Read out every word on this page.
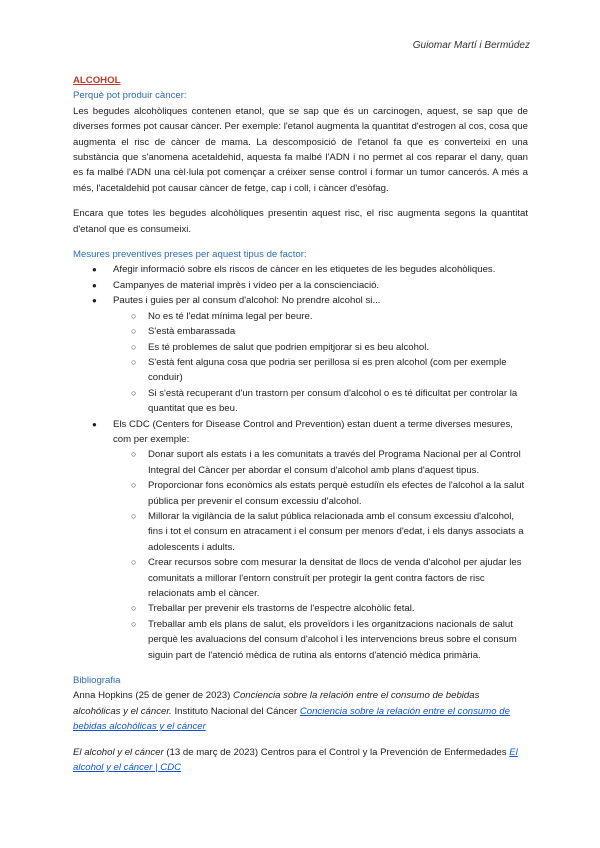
Guiomar Martí i Bermúdez

ALCOHOL

Perquè pot produir càncer:

Les begudes alcohòliques contenen etanol, que se sap que és un carcinogen, aquest, se sap que de diverses formes pot causar càncer. Per exemple: l'etanol augmenta la quantitat d'estrogen al cos, cosa que augmenta el risc de càncer de mama. La descomposició de l'etanol fa que es converteixi en una substància que s'anomena acetaldehid, aquesta fa malbé l'ADN i no permet al cos reparar el dany, quan es fa malbé l'ADN una cèl·lula pot començar a créixer sense control i formar un tumor cancerós. A més a més, l'acetaldehid pot causar càncer de fetge, cap i coll, i càncer d'esòfag.

Encara que totes les begudes alcohòliques presentin aquest risc, el risc augmenta segons la quantitat d'etanol que es consumeixi.

Mesures preventives preses per aquest tipus de factor:

● Afegir informació sobre els riscos de càncer en les etiquetes de les begudes alcohòliques.
● Campanyes de material imprès i vídeo per a la conscienciació.
● Pautes i guies per al consum d'alcohol: No prendre alcohol si...
○ No es té l'edat mínima legal per beure.
○ S'està embarassada
○ Es té problemes de salut que podrien empitjorar si es beu alcohol.
○ S'està fent alguna cosa que podria ser perillosa si es pren alcohol (com per exemple conduir)
○ Si s'està recuperant d'un trastorn per consum d'alcohol o es té dificultat per controlar la quantitat que es beu.
● Els CDC (Centers for Disease Control and Prevention) estan duent a terme diverses mesures, com per exemple:
○ Donar suport als estats i a les comunitats a través del Programa Nacional per al Control Integral del Càncer per abordar el consum d'alcohol amb plans d'aquest tipus.
○ Proporcionar fons econòmics als estats perquè estudiïn els efectes de l'alcohol a la salut pública per prevenir el consum excessiu d'alcohol.
○ Millorar la vigilància de la salut pública relacionada amb el consum excessiu d'alcohol, fins i tot el consum en atracament i el consum per menors d'edat, i els danys associats a adolescents i adults.
○ Crear recursos sobre com mesurar la densitat de llocs de venda d'alcohol per ajudar les comunitats a millorar l'entorn construït per protegir la gent contra factors de risc relacionats amb el càncer.
○ Treballar per prevenir els trastorns de l'espectre alcohòlic fetal.
○ Treballar amb els plans de salut, els proveïdors i les organitzacions nacionals de salut perquè les avaluacions del consum d'alcohol i les intervencions breus sobre el consum siguin part de l'atenció mèdica de rutina als entorns d'atenció mèdica primària.

Bibliografia

Anna Hopkins (25 de gener de 2023) Conciencia sobre la relación entre el consumo de bebidas alcohólicas y el cáncer. Instituto Nacional del Cáncer Conciencia sobre la relación entre el consumo de bebidas alcohólicas y el cáncer

El alcohol y el cáncer (13 de març de 2023) Centros para el Control y la Prevención de Enfermedades El alcohol y el cáncer | CDC
